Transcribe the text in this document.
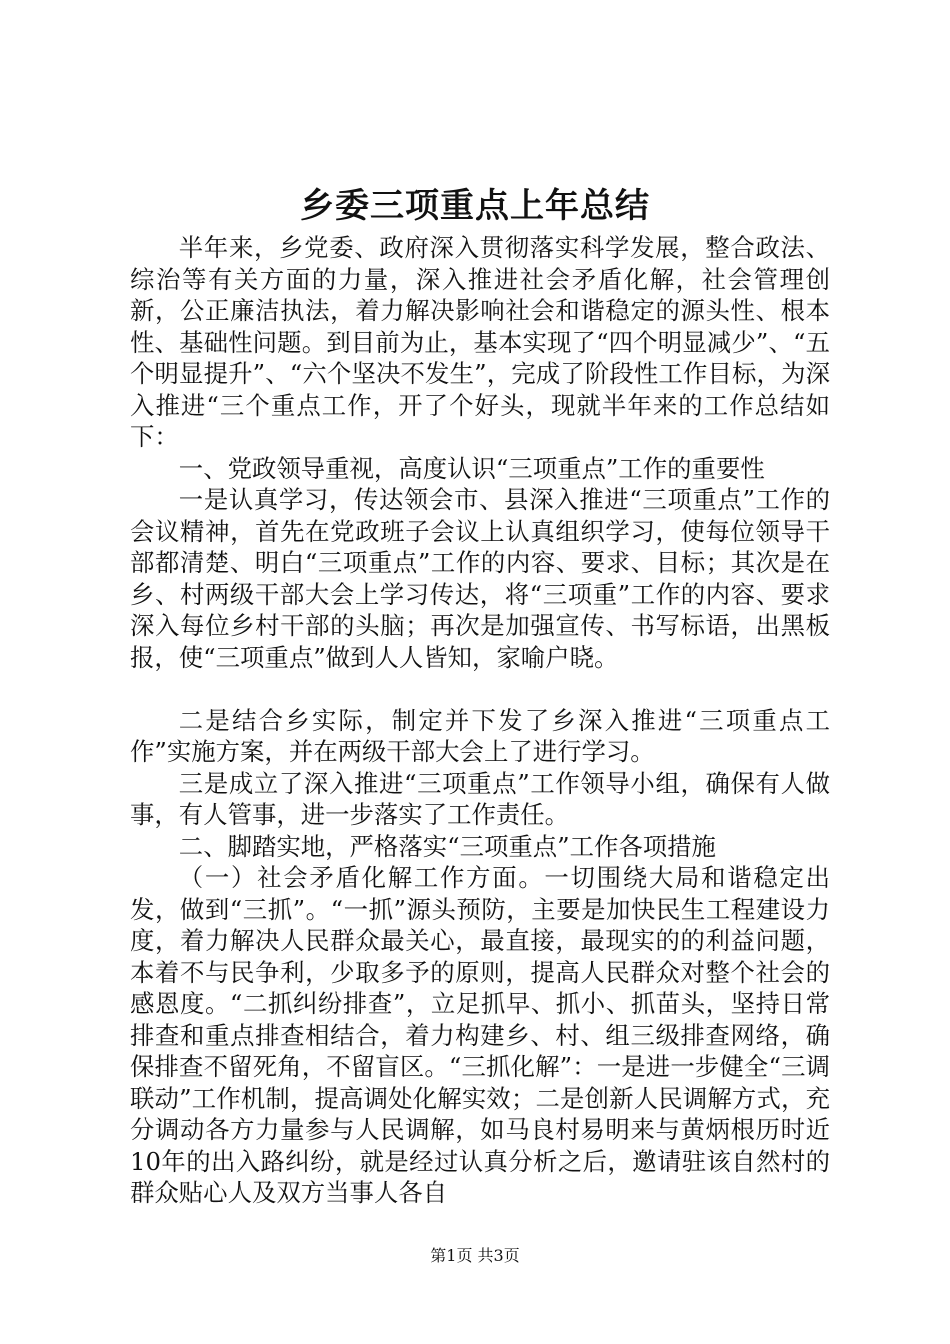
乡委三项重点上年总结

半年来，乡党委、政府深入贯彻落实科学发展，整合政法、综治等有关方面的力量，深入推进社会矛盾化解，社会管理创新，公正廉洁执法，着力解决影响社会和谐稳定的源头性、根本性、基础性问题。到目前为止，基本实现了“四个明显减少”、“五个明显提升”、“六个坚决不发生”，完成了阶段性工作目标，为深入推进“三个重点工作，开了个好头，现就半年来的工作总结如下：

一、党政领导重视，高度认识“三项重点”工作的重要性

一是认真学习，传达领会市、县深入推进“三项重点”工作的会议精神，首先在党政班子会议上认真组织学习，使每位领导干部都清楚、明白“三项重点”工作的内容、要求、目标；其次是在乡、村两级干部大会上学习传达，将“三项重”工作的内容、要求深入每位乡村干部的头脑；再次是加强宣传、书写标语，出黑板报，使“三项重点”做到人人皆知，家喻户晓。

二是结合乡实际，制定并下发了乡深入推进“三项重点工作”实施方案，并在两级干部大会上了进行学习。

三是成立了深入推进“三项重点”工作领导小组，确保有人做事，有人管事，进一步落实了工作责任。

二、脚踏实地，严格落实“三项重点”工作各项措施

（一）社会矛盾化解工作方面。一切围绕大局和谐稳定出发，做到“三抓”。“一抓”源头预防，主要是加快民生工程建设力度，着力解决人民群众最关心，最直接，最现实的的利益问题，本着不与民争利，少取多予的原则，提高人民群众对整个社会的感恩度。“二抓纠纷排查”，立足抓早、抓小、抓苗头，坚持日常排查和重点排查相结合，着力构建乡、村、组三级排查网络，确保排查不留死角，不留盲区。“三抓化解”：一是进一步健全“三调联动”工作机制，提高调处化解实效；二是创新人民调解方式，充分调动各方力量参与人民调解，如马良村易明来与黄炳根历时近10年的出入路纠纷，就是经过认真分析之后，邀请驻该自然村的群众贴心人及双方当事人各自

第1页 共3页
